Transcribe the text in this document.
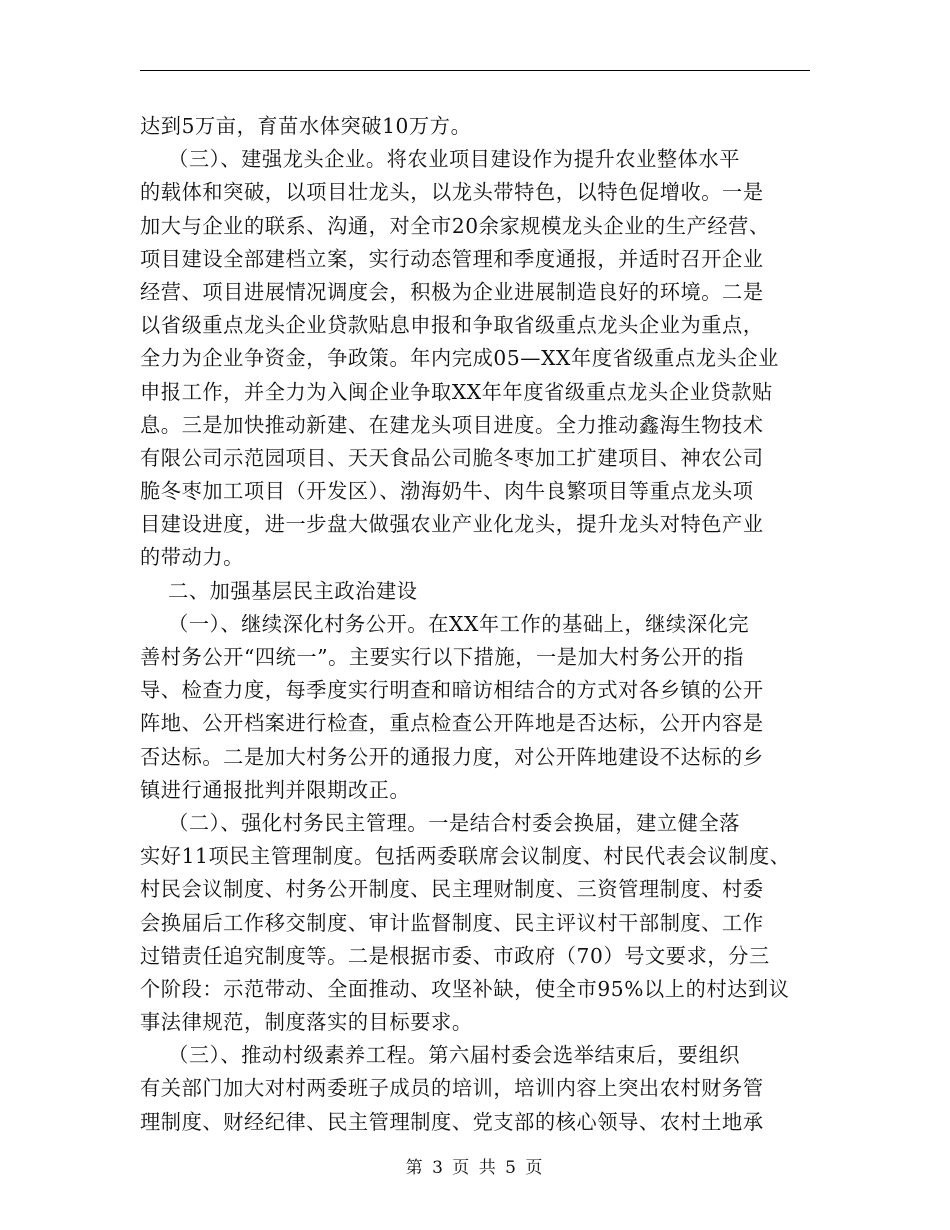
达到5万亩，育苗水体突破10万方。
（三）、建强龙头企业。将农业项目建设作为提升农业整体水平
的载体和突破，以项目壮龙头，以龙头带特色，以特色促增收。一是
加大与企业的联系、沟通，对全市20余家规模龙头企业的生产经营、
项目建设全部建档立案，实行动态管理和季度通报，并适时召开企业
经营、项目进展情况调度会，积极为企业进展制造良好的环境。二是
以省级重点龙头企业贷款贴息申报和争取省级重点龙头企业为重点，
全力为企业争资金，争政策。年内完成05—XX年度省级重点龙头企业
申报工作，并全力为入闽企业争取XX年年度省级重点龙头企业贷款贴
息。三是加快推动新建、在建龙头项目进度。全力推动鑫海生物技术
有限公司示范园项目、天天食品公司脆冬枣加工扩建项目、神农公司
脆冬枣加工项目（开发区）、渤海奶牛、肉牛良繁项目等重点龙头项
目建设进度，进一步盘大做强农业产业化龙头，提升龙头对特色产业
的带动力。
二、加强基层民主政治建设
（一）、继续深化村务公开。在XX年工作的基础上，继续深化完
善村务公开“四统一”。主要实行以下措施，一是加大村务公开的指
导、检查力度，每季度实行明查和暗访相结合的方式对各乡镇的公开
阵地、公开档案进行检查，重点检查公开阵地是否达标，公开内容是
否达标。二是加大村务公开的通报力度，对公开阵地建设不达标的乡
镇进行通报批判并限期改正。
（二）、强化村务民主管理。一是结合村委会换届，建立健全落
实好11项民主管理制度。包括两委联席会议制度、村民代表会议制度、
村民会议制度、村务公开制度、民主理财制度、三资管理制度、村委
会换届后工作移交制度、审计监督制度、民主评议村干部制度、工作
过错责任追究制度等。二是根据市委、市政府（70）号文要求，分三
个阶段：示范带动、全面推动、攻坚补缺，使全市95%以上的村达到议
事法律规范，制度落实的目标要求。
（三）、推动村级素养工程。第六届村委会选举结束后，要组织
有关部门加大对村两委班子成员的培训，培训内容上突出农村财务管
理制度、财经纪律、民主管理制度、党支部的核心领导、农村土地承
第 3 页 共 5 页
